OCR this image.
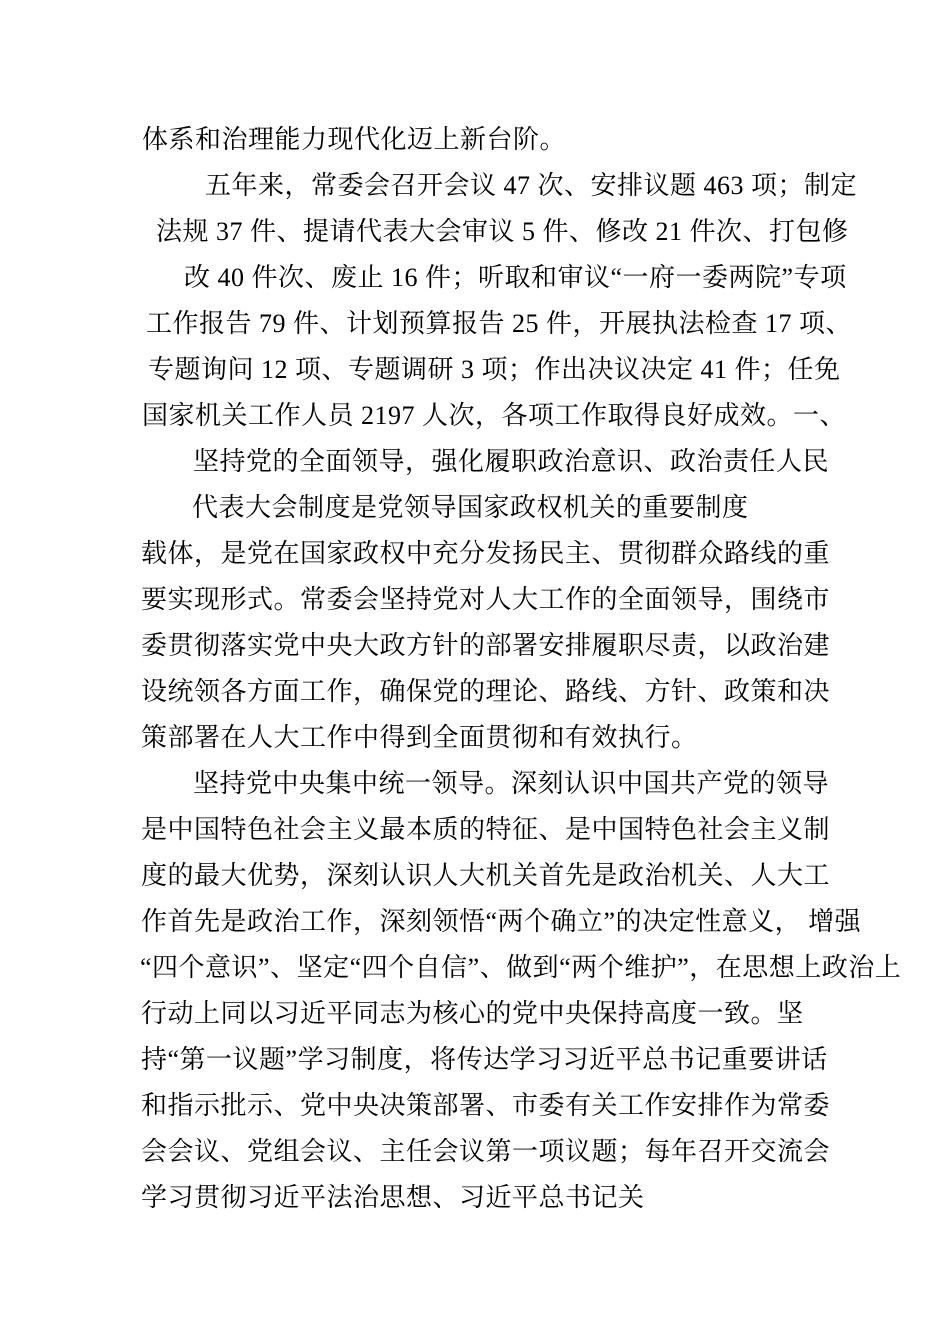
体系和治理能力现代化迈上新台阶。
五年来，常委会召开会议 47 次、安排议题 463 项；制定
法规 37 件、提请代表大会审议 5 件、修改 21 件次、打包修
改 40 件次、废止 16 件；听取和审议“一府一委两院”专项
工作报告 79 件、计划预算报告 25 件，开展执法检查 17 项、
专题询问 12 项、专题调研 3 项；作出决议决定 41 件；任免
国家机关工作人员 2197 人次，各项工作取得良好成效。一、
坚持党的全面领导，强化履职政治意识、政治责任人民
代表大会制度是党领导国家政权机关的重要制度
载体，是党在国家政权中充分发扬民主、贯彻群众路线的重
要实现形式。常委会坚持党对人大工作的全面领导，围绕市
委贯彻落实党中央大政方针的部署安排履职尽责，以政治建
设统领各方面工作，确保党的理论、路线、方针、政策和决
策部署在人大工作中得到全面贯彻和有效执行。
坚持党中央集中统一领导。深刻认识中国共产党的领导
是中国特色社会主义最本质的特征、是中国特色社会主义制
度的最大优势，深刻认识人大机关首先是政治机关、人大工
作首先是政治工作，深刻领悟“两个确立”的决定性意义， 增强
“四个意识”、坚定“四个自信”、做到“两个维护”，在思想上政治上
行动上同以习近平同志为核心的党中央保持高度一致。坚
持“第一议题”学习制度，将传达学习习近平总书记重要讲话
和指示批示、党中央决策部署、市委有关工作安排作为常委
会会议、党组会议、主任会议第一项议题；每年召开交流会
学习贯彻习近平法治思想、习近平总书记关
